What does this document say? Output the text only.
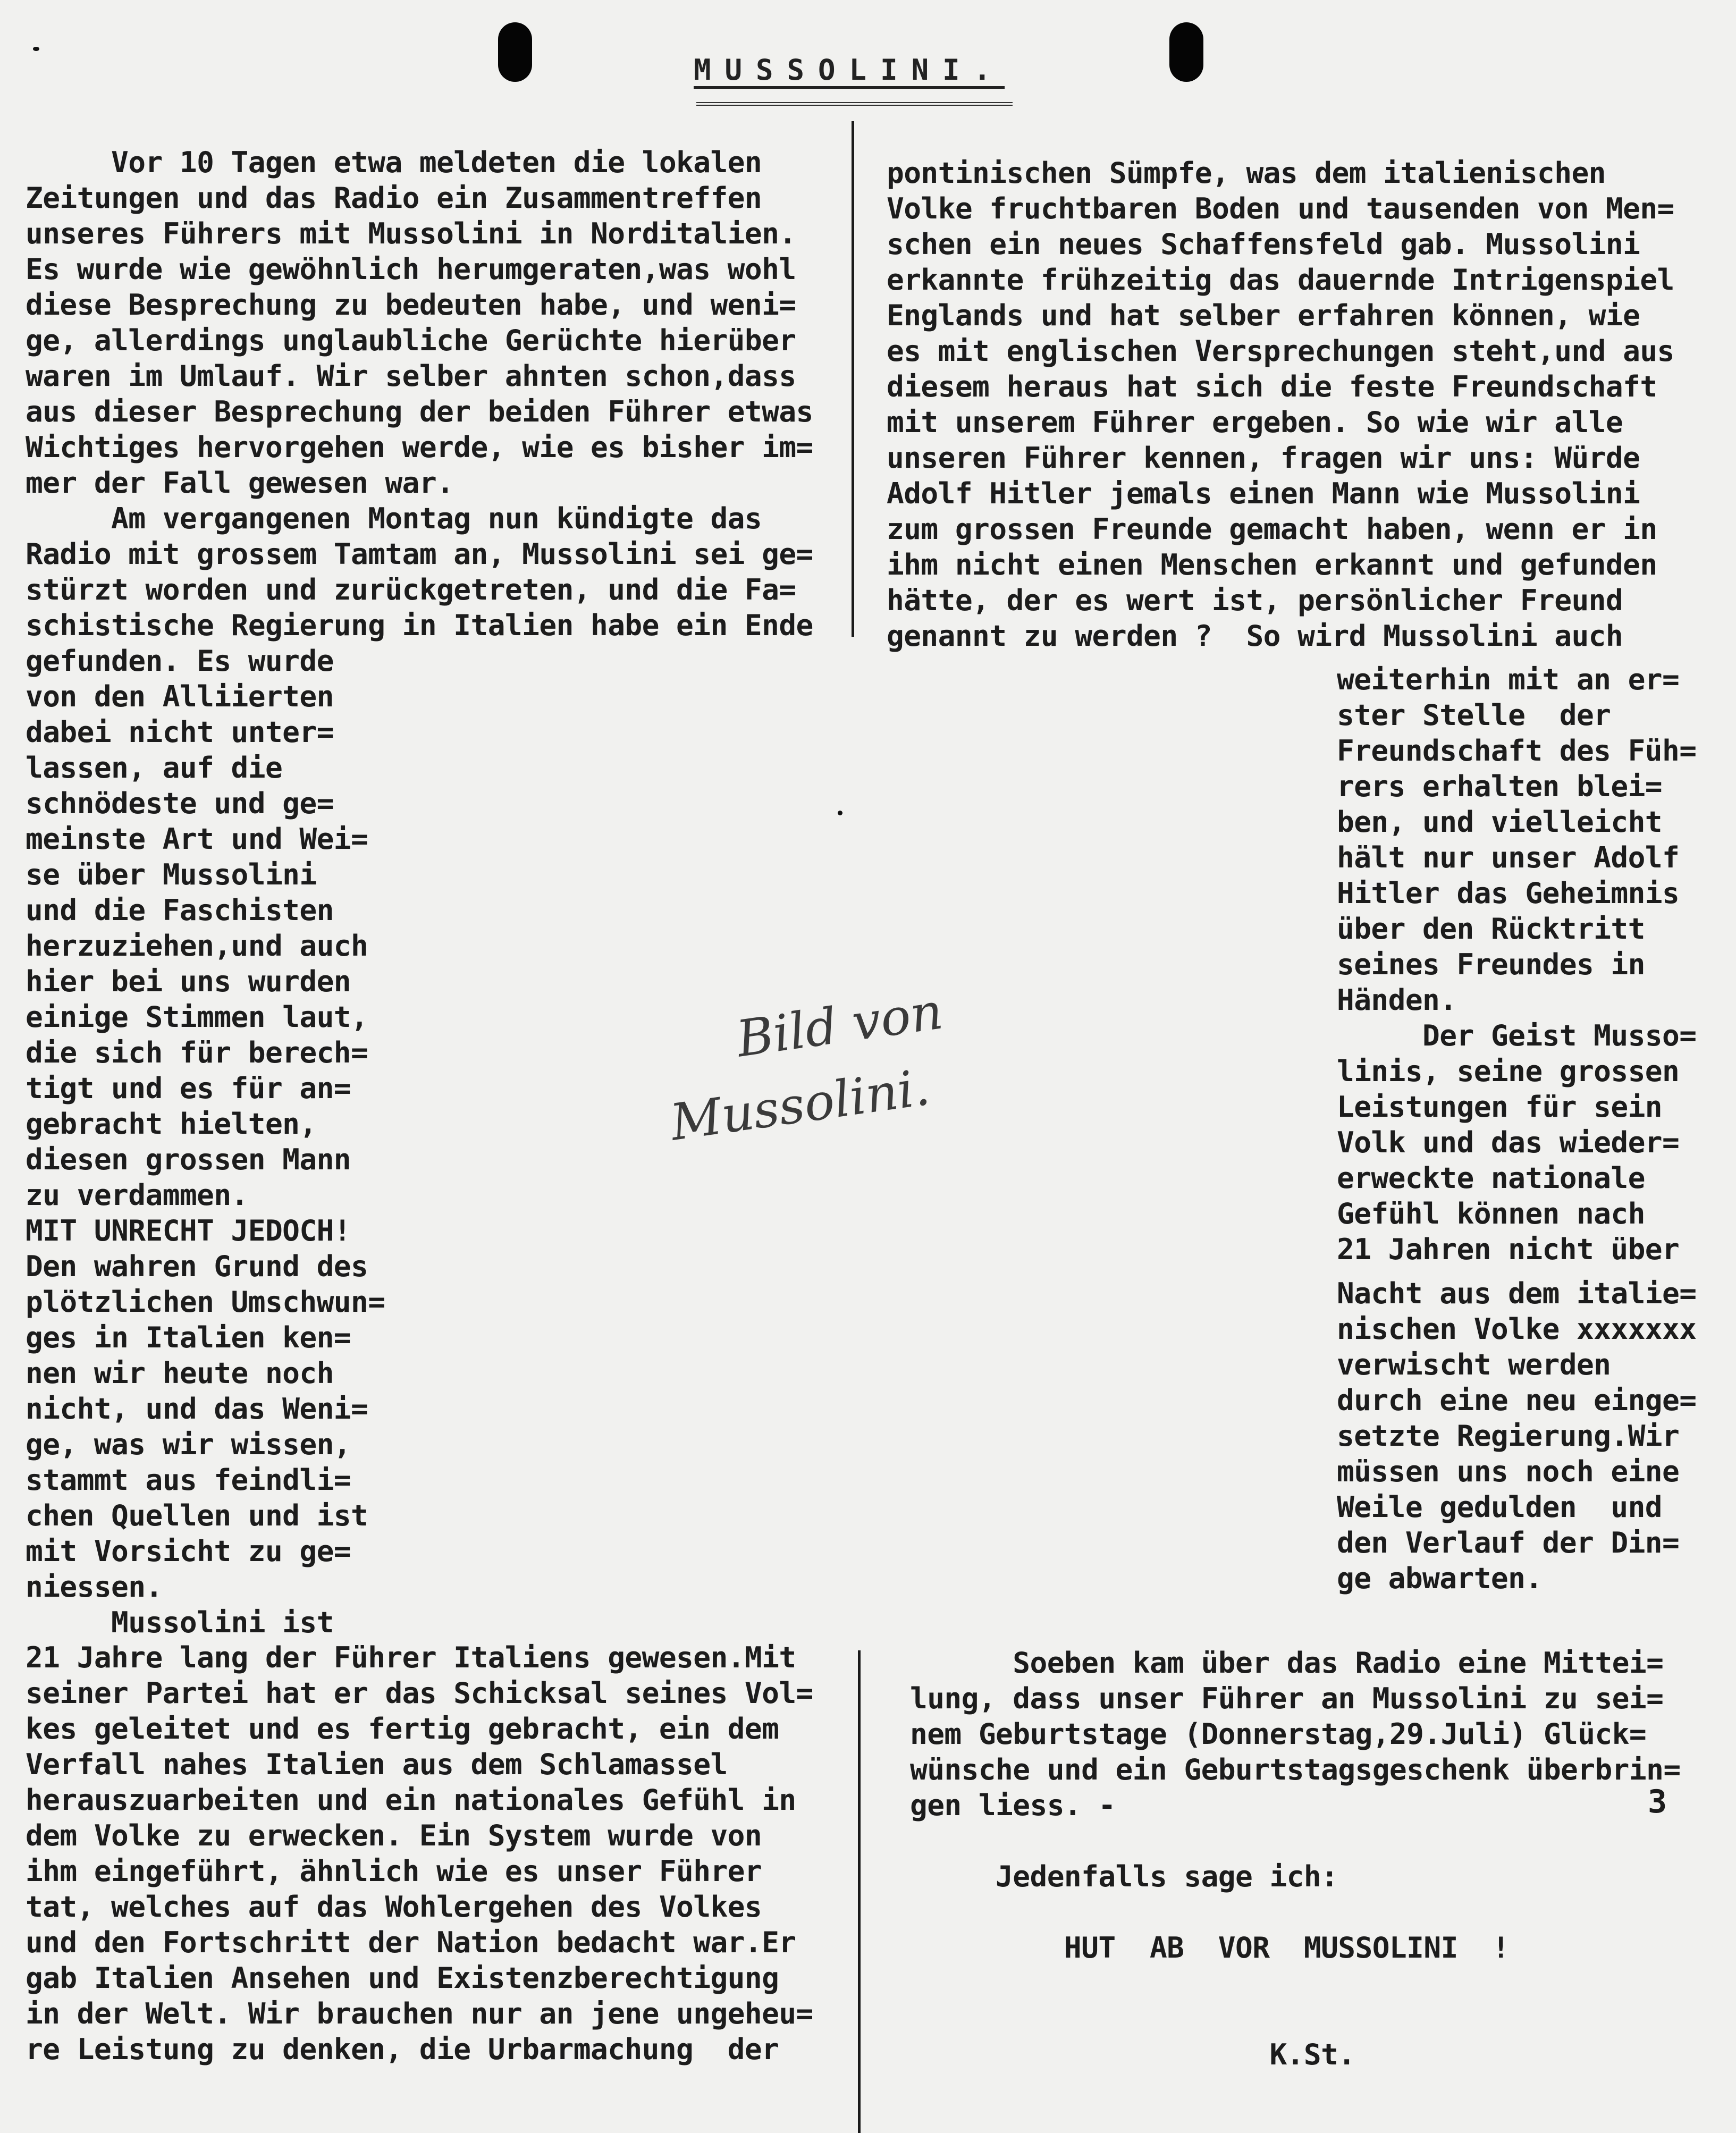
MUSSOLINI.
Vor 10 Tagen etwa meldeten die lokalen
Zeitungen und das Radio ein Zusammentreffen
unseres Führers mit Mussolini in Norditalien.
Es wurde wie gewöhnlich herumgeraten,was wohl
diese Besprechung zu bedeuten habe, und weni=
ge, allerdings unglaubliche Gerüchte hierüber
waren im Umlauf. Wir selber ahnten schon,dass
aus dieser Besprechung der beiden Führer etwas
Wichtiges hervorgehen werde, wie es bisher im=
mer der Fall gewesen war.
Am vergangenen Montag nun kündigte das
Radio mit grossem Tamtam an, Mussolini sei ge=
stürzt worden und zurückgetreten, und die Fa=
schistische Regierung in Italien habe ein Ende
gefunden. Es wurde
von den Alliierten
dabei nicht unter=
lassen, auf die
schnödeste und ge=
meinste Art und Wei=
se über Mussolini
und die Faschisten
herzuziehen,und auch
hier bei uns wurden
einige Stimmen laut,
die sich für berech=
tigt und es für an=
gebracht hielten,
diesen grossen Mann
zu verdammen.
MIT UNRECHT JEDOCH!
Den wahren Grund des
plötzlichen Umschwun=
ges in Italien ken=
nen wir heute noch
nicht, und das Weni=
ge, was wir wissen,
stammt aus feindli=
chen Quellen und ist
mit Vorsicht zu ge=
niessen.
Mussolini ist
21 Jahre lang der Führer Italiens gewesen.Mit
seiner Partei hat er das Schicksal seines Vol=
kes geleitet und es fertig gebracht, ein dem
Verfall nahes Italien aus dem Schlamassel
herauszuarbeiten und ein nationales Gefühl in
dem Volke zu erwecken. Ein System wurde von
ihm eingeführt, ähnlich wie es unser Führer
tat, welches auf das Wohlergehen des Volkes
und den Fortschritt der Nation bedacht war.Er
gab Italien Ansehen und Existenzberechtigung
in der Welt. Wir brauchen nur an jene ungeheu=
re Leistung zu denken, die Urbarmachung  der
pontinischen Sümpfe, was dem italienischen
Volke fruchtbaren Boden und tausenden von Men=
schen ein neues Schaffensfeld gab. Mussolini
erkannte frühzeitig das dauernde Intrigenspiel
Englands und hat selber erfahren können, wie
es mit englischen Versprechungen steht,und aus
diesem heraus hat sich die feste Freundschaft
mit unserem Führer ergeben. So wie wir alle
unseren Führer kennen, fragen wir uns: Würde
Adolf Hitler jemals einen Mann wie Mussolini
zum grossen Freunde gemacht haben, wenn er in
ihm nicht einen Menschen erkannt und gefunden
hätte, der es wert ist, persönlicher Freund
genannt zu werden ?  So wird Mussolini auch
weiterhin mit an er=
ster Stelle  der
Freundschaft des Füh=
rers erhalten blei=
ben, und vielleicht
hält nur unser Adolf
Hitler das Geheimnis
über den Rücktritt
seines Freundes in
Händen.
Der Geist Musso=
linis, seine grossen
Leistungen für sein
Volk und das wieder=
erweckte nationale
Gefühl können nach
21 Jahren nicht über
Nacht aus dem italie=
nischen Volke xxxxxxx
verwischt werden
durch eine neu einge=
setzte Regierung.Wir
müssen uns noch eine
Weile gedulden  und
den Verlauf der Din=
ge abwarten.
Soeben kam über das Radio eine Mittei=
lung, dass unser Führer an Mussolini zu sei=
nem Geburtstage (Donnerstag,29.Juli) Glück=
wünsche und ein Geburtstagsgeschenk überbrin=
gen liess. -
Jedenfalls sage ich:
HUT  AB  VOR  MUSSOLINI  !
K.St.

Bild von

Mussolini.

3
